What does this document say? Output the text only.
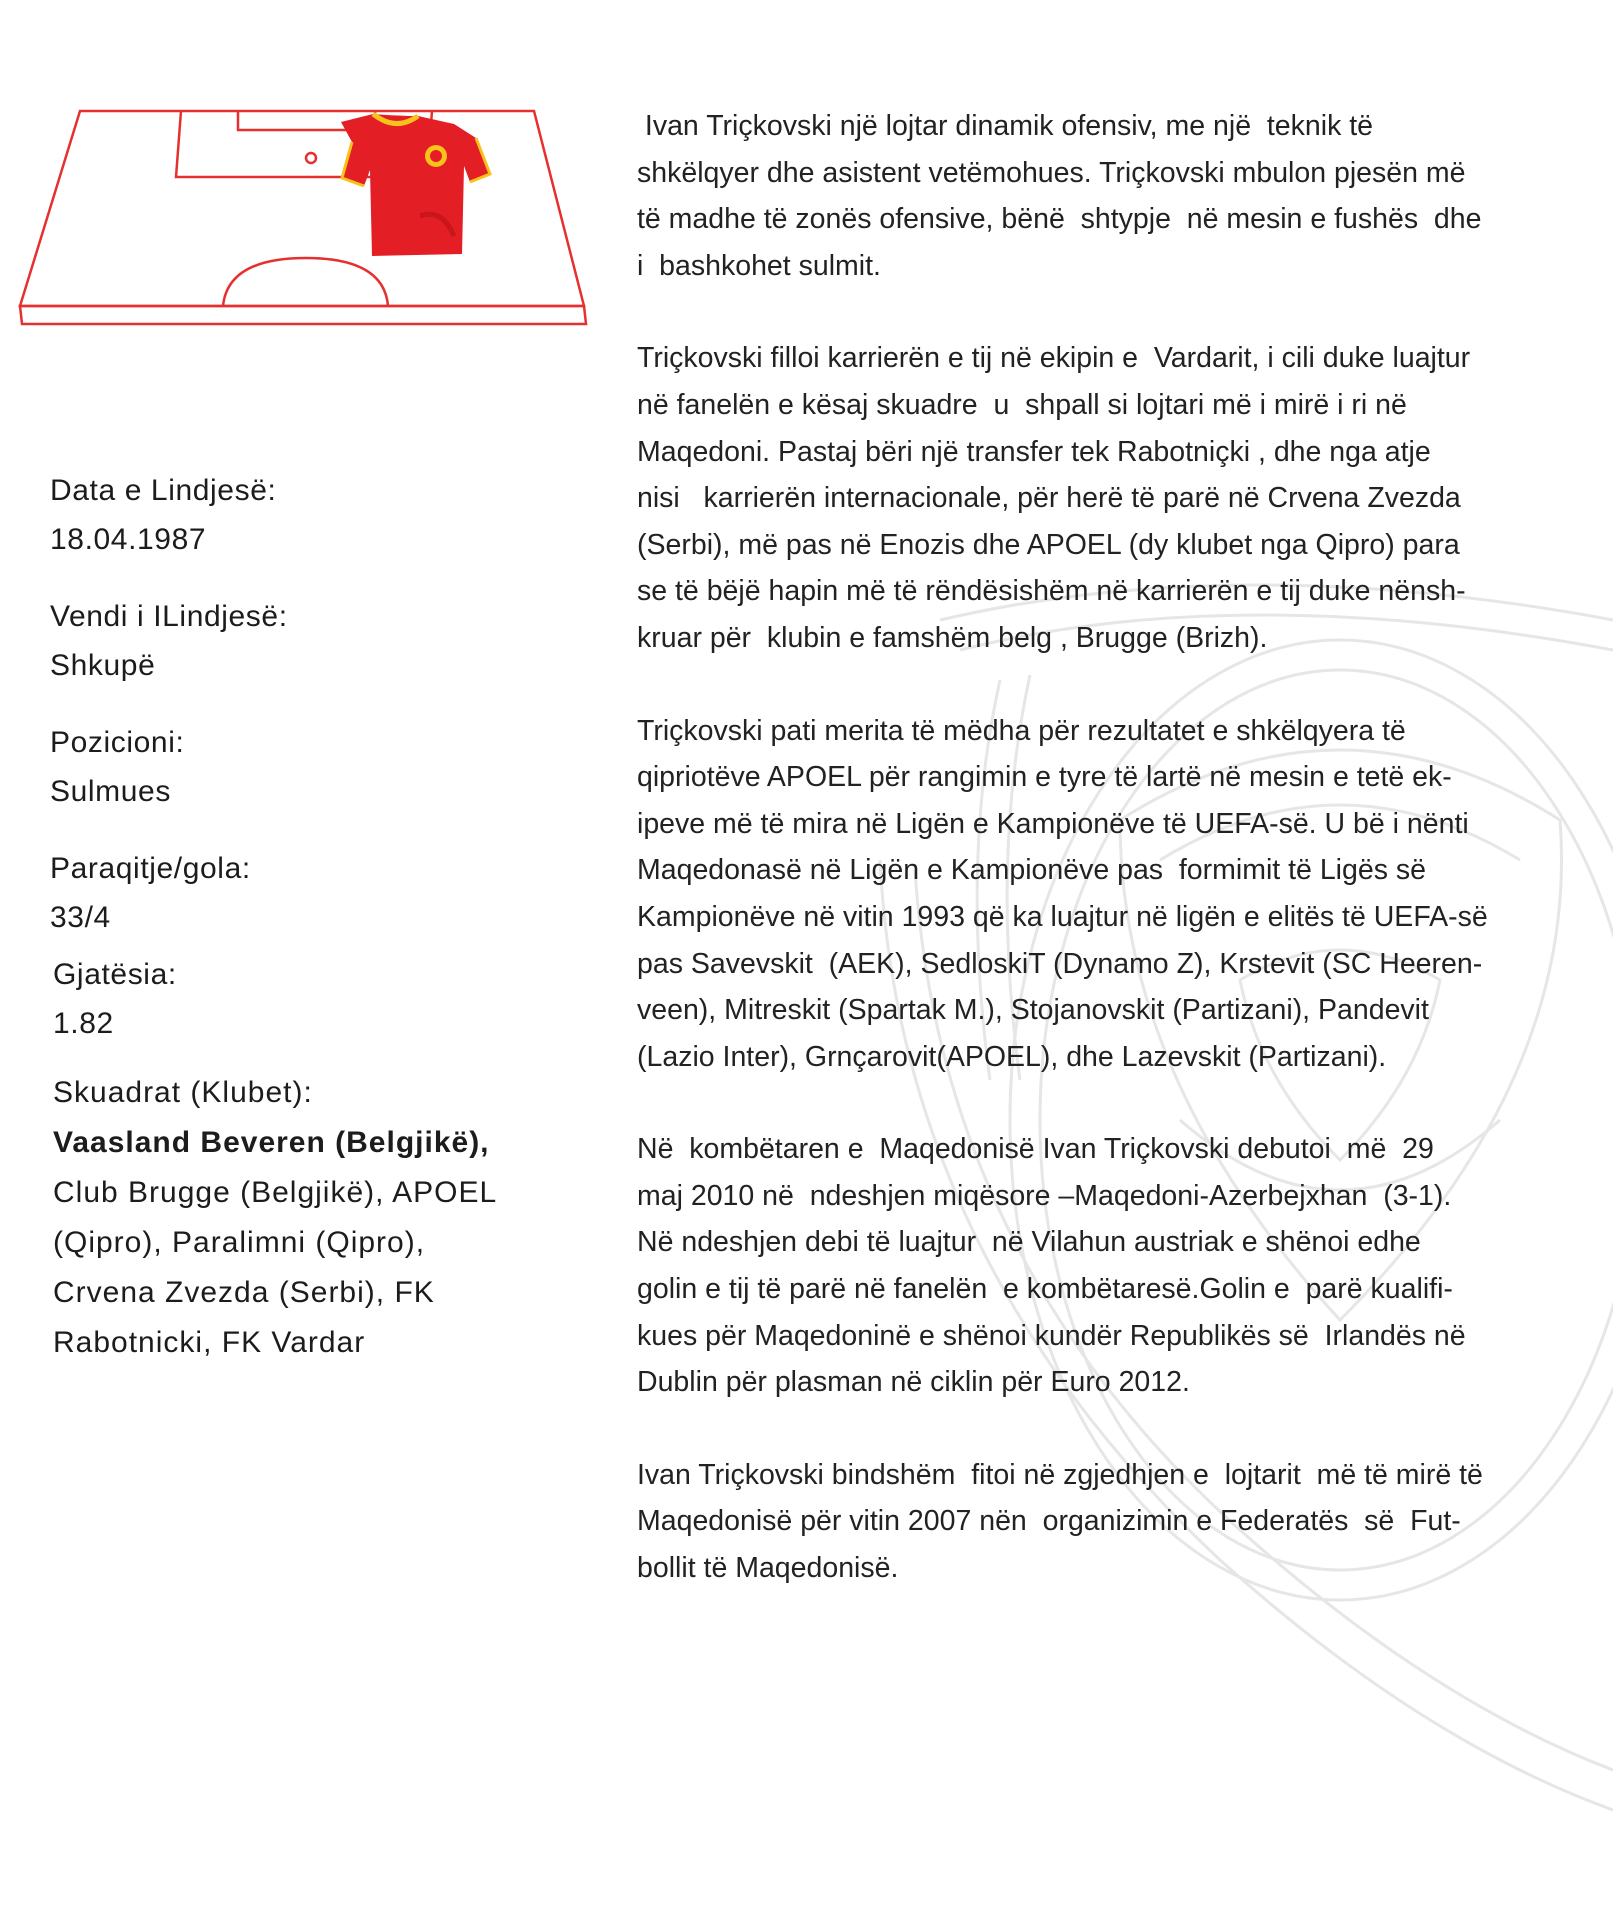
Data e Lindjesë:
18.04.1987
Vendi i ILindjesë:
Shkupë
Pozicioni:
Sulmues
Paraqitje/gola:
33/4
Gjatësia:
1.82
Skuadrat (Klubet):
Vaasland Beveren (Belgjikë),
Club Brugge (Belgjikë), APOEL
(Qipro), Paralimni (Qipro),
Crvena Zvezda (Serbi), FK
Rabotnicki, FK Vardar

Ivan Triçkovski një lojtar dinamik ofensiv, me një  teknik të
shkëlqyer dhe asistent vetëmohues. Triçkovski mbulon pjesën më
të madhe të zonës ofensive, bënë  shtypje  në mesin e fushës  dhe
i  bashkohet sulmit.

Triçkovski filloi karrierën e tij në ekipin e  Vardarit, i cili duke luajtur
në fanelën e kësaj skuadre  u  shpall si lojtari më i mirë i ri në
Maqedoni. Pastaj bëri një transfer tek Rabotniçki , dhe nga atje
nisi   karrierën internacionale, për herë të parë në Crvena Zvezda
(Serbi), më pas në Enozis dhe APOEL (dy klubet nga Qipro) para
se të bëjë hapin më të rëndësishëm në karrierën e tij duke nënsh-
kruar për  klubin e famshëm belg , Brugge (Brizh).

Triçkovski pati merita të mëdha për rezultatet e shkëlqyera të
qipriotëve APOEL për rangimin e tyre të lartë në mesin e tetë ek-
ipeve më të mira në Ligën e Kampionëve të UEFA-së. U bë i nënti
Maqedonasë në Ligën e Kampionëve pas  formimit të Ligës së
Kampionëve në vitin 1993 që ka luajtur në ligën e elitës të UEFA-së
pas Savevskit  (AEK), SedloskiT (Dynamo Z), Krstevit (SC Heeren-
veen), Mitreskit (Spartak M.), Stojanovskit (Partizani), Pandevit
(Lazio Inter), Grnçarovit(APOEL), dhe Lazevskit (Partizani).

Në  kombëtaren e  Maqedonisë Ivan Triçkovski debutoi  më  29
maj 2010 në  ndeshjen miqësore –Maqedoni-Azerbejxhan  (3-1).
Në ndeshjen debi të luajtur  në Vilahun austriak e shënoi edhe
golin e tij të parë në fanelën  e kombëtaresë.Golin e  parë kualifi-
kues për Maqedoninë e shënoi kundër Republikës së  Irlandës në
Dublin për plasman në ciklin për Euro 2012.

Ivan Triçkovski bindshëm  fitoi në zgjedhjen e  lojtarit  më të mirë të
Maqedonisë për vitin 2007 nën  organizimin e Federatës  së  Fut-
bollit të Maqedonisë.
